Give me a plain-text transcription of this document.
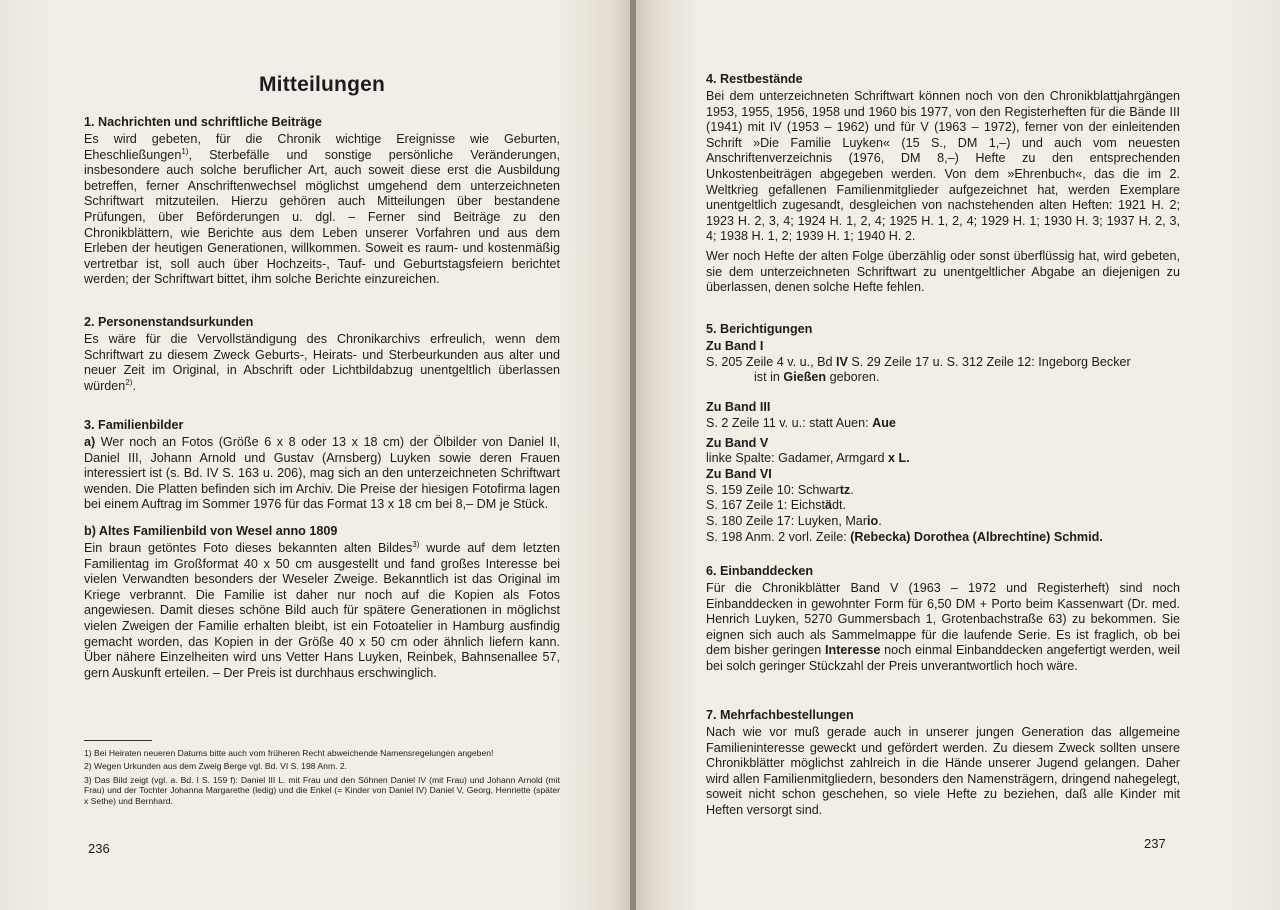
Mitteilungen

1. Nachrichten und schriftliche Beiträge

Es wird gebeten, für die Chronik wichtige Ereignisse wie Geburten, Eheschließungen$^{1)}$, Sterbefälle und sonstige persönliche Veränderungen, insbesondere auch solche beruflicher Art, auch soweit diese erst die Ausbildung betreffen, ferner Anschriftenwechsel möglichst umgehend dem unterzeichneten Schriftwart mitzuteilen. Hierzu gehören auch Mitteilungen über bestandene Prüfungen, über Beförderungen u. dgl. – Ferner sind Beiträge zu den Chronikblättern, wie Berichte aus dem Leben unserer Vorfahren und aus dem Erleben der heutigen Generationen, willkommen. Soweit es raum- und kostenmäßig vertretbar ist, soll auch über Hochzeits-, Tauf- und Geburtstagsfeiern berichtet werden; der Schriftwart bittet, ihm solche Berichte einzureichen.

2. Personenstandsurkunden

Es wäre für die Vervollständigung des Chronikarchivs erfreulich, wenn dem Schriftwart zu diesem Zweck Geburts-, Heirats- und Sterbeurkunden aus alter und neuer Zeit im Original, in Abschrift oder Lichtbildabzug unentgeltlich überlassen würden$^{2)}$.

3. Familienbilder

a) Wer noch an Fotos (Größe 6 x 8 oder 13 x 18 cm) der Ölbilder von Daniel II, Daniel III, Johann Arnold und Gustav (Arnsberg) Luyken sowie deren Frauen interessiert ist (s. Bd. IV S. 163 u. 206), mag sich an den unterzeichneten Schriftwart wenden. Die Platten befinden sich im Archiv. Die Preise der hiesigen Fotofirma lagen bei einem Auftrag im Sommer 1976 für das Format 13 x 18 cm bei 8,– DM je Stück.

b) Altes Familienbild von Wesel anno 1809

Ein braun getöntes Foto dieses bekannten alten Bildes$^{3)}$ wurde auf dem letzten Familientag im Großformat 40 x 50 cm ausgestellt und fand großes Interesse bei vielen Verwandten besonders der Weseler Zweige. Bekanntlich ist das Original im Kriege verbrannt. Die Familie ist daher nur noch auf die Kopien als Fotos angewiesen. Damit dieses schöne Bild auch für spätere Generationen in möglichst vielen Zweigen der Familie erhalten bleibt, ist ein Fotoatelier in Hamburg ausfindig gemacht worden, das Kopien in der Größe 40 x 50 cm oder ähnlich liefern kann. Über nähere Einzelheiten wird uns Vetter Hans Luyken, Reinbek, Bahnsenallee 57, gern Auskunft erteilen. – Der Preis ist durchhaus erschwinglich.

1) Bei Heiraten neueren Datums bitte auch vom früheren Recht abweichende Namensregelungen angeben!

2) Wegen Urkunden aus dem Zweig Berge vgl. Bd. VI S. 198 Anm. 2.

3) Das Bild zeigt (vgl. a. Bd. I S. 159 f): Daniel III L. mit Frau und den Söhnen Daniel IV (mit Frau) und Johann Arnold (mit Frau) und der Tochter Johanna Margarethe (ledig) und die Enkel (= Kinder von Daniel IV) Daniel V, Georg, Henriette (später x Sethe) und Bernhard.

236

4. Restbestände

Bei dem unterzeichneten Schriftwart können noch von den Chronikblattjahrgängen 1953, 1955, 1956, 1958 und 1960 bis 1977, von den Registerheften für die Bände III (1941) mit IV (1953 – 1962) und für V (1963 – 1972), ferner von der einleitenden Schrift »Die Familie Luyken« (15 S., DM 1,–) und auch vom neuesten Anschriftenverzeichnis (1976, DM 8,–) Hefte zu den entsprechenden Unkostenbeiträgen abgegeben werden. Von dem »Ehrenbuch«, das die im 2. Weltkrieg gefallenen Familienmitglieder aufgezeichnet hat, werden Exemplare unentgeltlich zugesandt, desgleichen von nachstehenden alten Heften: 1921 H. 2; 1923 H. 2, 3, 4; 1924 H. 1, 2, 4; 1925 H. 1, 2, 4; 1929 H. 1; 1930 H. 3; 1937 H. 2, 3, 4; 1938 H. 1, 2; 1939 H. 1; 1940 H. 2.

Wer noch Hefte der alten Folge überzählig oder sonst überflüssig hat, wird gebeten, sie dem unterzeichneten Schriftwart zu unentgeltlicher Abgabe an diejenigen zu überlassen, denen solche Hefte fehlen.

5. Berichtigungen

Zu Band I

S. 205 Zeile 4 v. u., Bd IV S. 29 Zeile 17 u. S. 312 Zeile 12: Ingeborg Becker

ist in Gießen geboren.

Zu Band III

S. 2 Zeile 11 v. u.: statt Auen: Aue

Zu Band V

linke Spalte: Gadamer, Armgard x L.

Zu Band VI

S. 159 Zeile 10: Schwartz.

S. 167 Zeile 1: Eichstädt.

S. 180 Zeile 17: Luyken, Mario.

S. 198 Anm. 2 vorl. Zeile: (Rebecka) Dorothea (Albrechtine) Schmid.

6. Einbanddecken

Für die Chronikblätter Band V (1963 – 1972 und Registerheft) sind noch Einbanddecken in gewohnter Form für 6,50 DM + Porto beim Kassenwart (Dr. med. Henrich Luyken, 5270 Gummersbach 1, Grotenbachstraße 63) zu bekommen. Sie eignen sich auch als Sammelmappe für die laufende Serie. Es ist fraglich, ob bei dem bisher geringen Interesse noch einmal Einbanddecken angefertigt werden, weil bei solch geringer Stückzahl der Preis unverantwortlich hoch wäre.

7. Mehrfachbestellungen

Nach wie vor muß gerade auch in unserer jungen Generation das allgemeine Familieninteresse geweckt und gefördert werden. Zu diesem Zweck sollten unsere Chronikblätter möglichst zahlreich in die Hände unserer Jugend gelangen. Daher wird allen Familienmitgliedern, besonders den Namensträgern, dringend nahegelegt, soweit nicht schon geschehen, so viele Hefte zu beziehen, daß alle Kinder mit Heften versorgt sind.

237
